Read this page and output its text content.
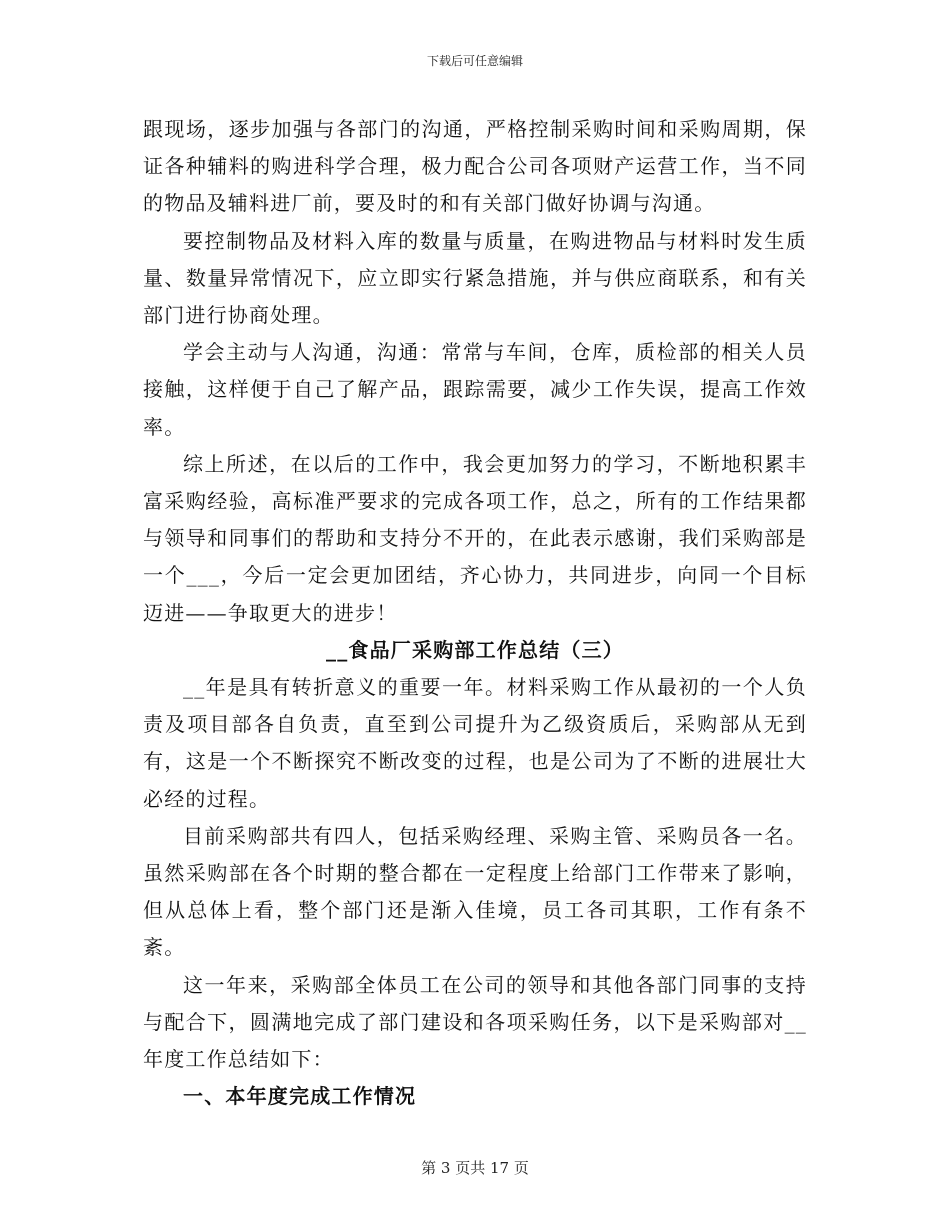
下载后可任意编辑

跟现场，逐步加强与各部门的沟通，严格控制采购时间和采购周期，保证各种辅料的购进科学合理，极力配合公司各项财产运营工作，当不同的物品及辅料进厂前，要及时的和有关部门做好协调与沟通。

要控制物品及材料入库的数量与质量，在购进物品与材料时发生质量、数量异常情况下，应立即实行紧急措施，并与供应商联系，和有关部门进行协商处理。

学会主动与人沟通，沟通：常常与车间，仓库，质检部的相关人员接触，这样便于自己了解产品，跟踪需要，减少工作失误，提高工作效率。

综上所述，在以后的工作中，我会更加努力的学习，不断地积累丰富采购经验，高标准严要求的完成各项工作，总之，所有的工作结果都与领导和同事们的帮助和支持分不开的，在此表示感谢，我们采购部是一个___，今后一定会更加团结，齐心协力，共同进步，向同一个目标迈进——争取更大的进步！

__食品厂采购部工作总结（三）

__年是具有转折意义的重要一年。材料采购工作从最初的一个人负责及项目部各自负责，直至到公司提升为乙级资质后，采购部从无到有，这是一个不断探究不断改变的过程，也是公司为了不断的进展壮大必经的过程。

目前采购部共有四人，包括采购经理、采购主管、采购员各一名。虽然采购部在各个时期的整合都在一定程度上给部门工作带来了影响，但从总体上看，整个部门还是渐入佳境，员工各司其职，工作有条不紊。

这一年来，采购部全体员工在公司的领导和其他各部门同事的支持与配合下，圆满地完成了部门建设和各项采购任务，以下是采购部对__年度工作总结如下：

一、本年度完成工作情况
第 3 页共 17 页
